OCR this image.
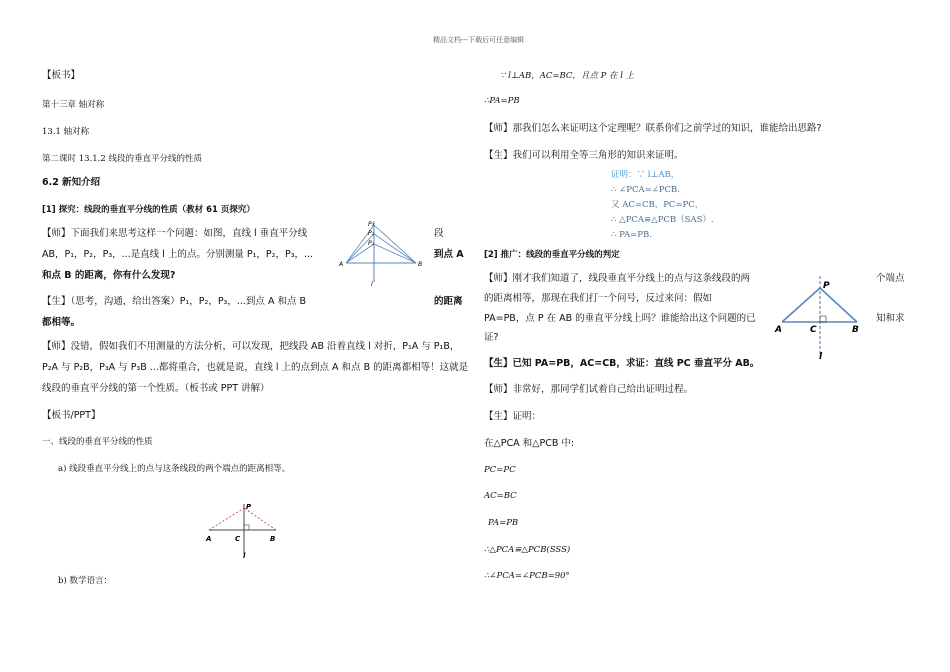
精品文档---下载后可任意编辑
【板书】
第十三章 轴对称
13.1 轴对称
第二课时 13.1.2 线段的垂直平分线的性质
6.2 新知介绍
[1] 探究：线段的垂直平分线的性质（教材 61 页探究）
【师】下面我们来思考这样一个问题：如图，直线 l 垂直平分线	段
AB，P₁，P₂，P₃，...是直线 l 上的点。分别测量 P₁，P₂，P₃，...	到点 A
和点 B 的距离，你有什么发现?
【生】（思考，沟通，给出答案）P₁，P₂，P₃，...到点 A 和点 B	的距离
都相等。
【师】没错，假如我们不用测量的方法分析，可以发现，把线段 AB 沿着直线 l 对折，P₁A 与 P₁B，
P₂A 与 P₂B，P₃A 与 P₃B ...都将重合，也就是说，直线 l 上的点到点 A 和点 B 的距离都相等！这就是
线段的垂直平分线的第一个性质。（板书或 PPT 讲解）
【板书/PPT】
一、线段的垂直平分线的性质
a) 线段垂直平分线上的点与这条线段的两个端点的距离相等。
b) 数学语言：
P₃
P₂
P₁
A	B
l
P
A	C	B
l
∵ l⊥AB，AC=BC，且点 P 在 l 上
∴PA=PB
【师】那我们怎么来证明这个定理呢？联系你们之前学过的知识，谁能给出思路?
【生】我们可以利用全等三角形的知识来证明。
证明：∵ l⊥AB，
∴ ∠PCA=∠PCB.
又 AC=CB，PC=PC，
∴ △PCA≌△PCB（SAS）.
∴ PA=PB.
[2] 推广：线段的垂直平分线的判定
【师】刚才我们知道了，线段垂直平分线上的点与这条线段的两	个端点
的距离相等，那现在我们打一个问号，反过来问：假如
PA=PB，点 P 在 AB 的垂直平分线上吗？谁能给出这个问题的已	知和求
证?
【生】已知 PA=PB，AC=CB，求证：直线 PC 垂直平分 AB。
【师】非常好，那同学们试着自己给出证明过程。
【生】证明：
在△PCA 和△PCB 中:
PC=PC
AC=BC
PA=PB
∴△PCA≌△PCB(SSS)
∴∠PCA=∠PCB=90°
P
A	C	B
l
